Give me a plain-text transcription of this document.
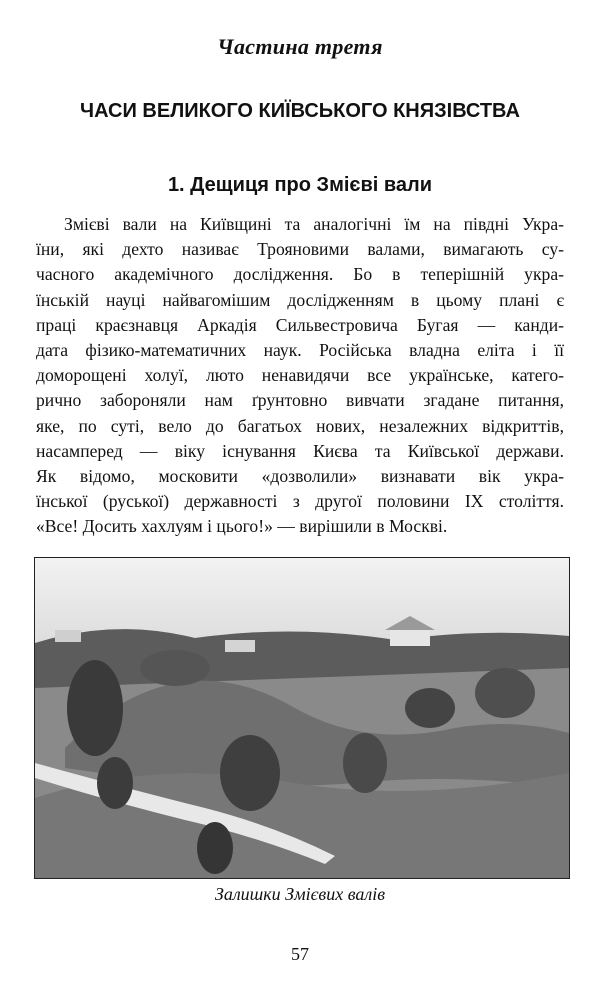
Частина третя
ЧАСИ ВЕЛИКОГО КИЇВСЬКОГО КНЯЗІВСТВА
1. Дещиця про Змієві вали
Змієві вали на Київщині та аналогічні їм на півдні Укра-
їни, які дехто називає Трояновими валами, вимагають су-
часного академічного дослідження. Бо в теперішній укра-
їнській науці найвагомішим дослідженням в цьому плані є
праці краєзнавця Аркадія Сильвестровича Бугая — канди-
дата фізико-математичних наук. Російська владна еліта і її
доморощені холуї, люто ненавидячи все українське, катего-
рично забороняли нам ґрунтовно вивчати згадане питання,
яке, по суті, вело до багатьох нових, незалежних відкриттів,
насамперед — віку існування Києва та Київської держави.
Як відомо, московити «дозволили» визнавати вік укра-
їнської (руської) державності з другої половини IX століття.
«Все! Досить хахлуям і цього!» — вирішили в Москві.
Залишки Змієвих валів
57
